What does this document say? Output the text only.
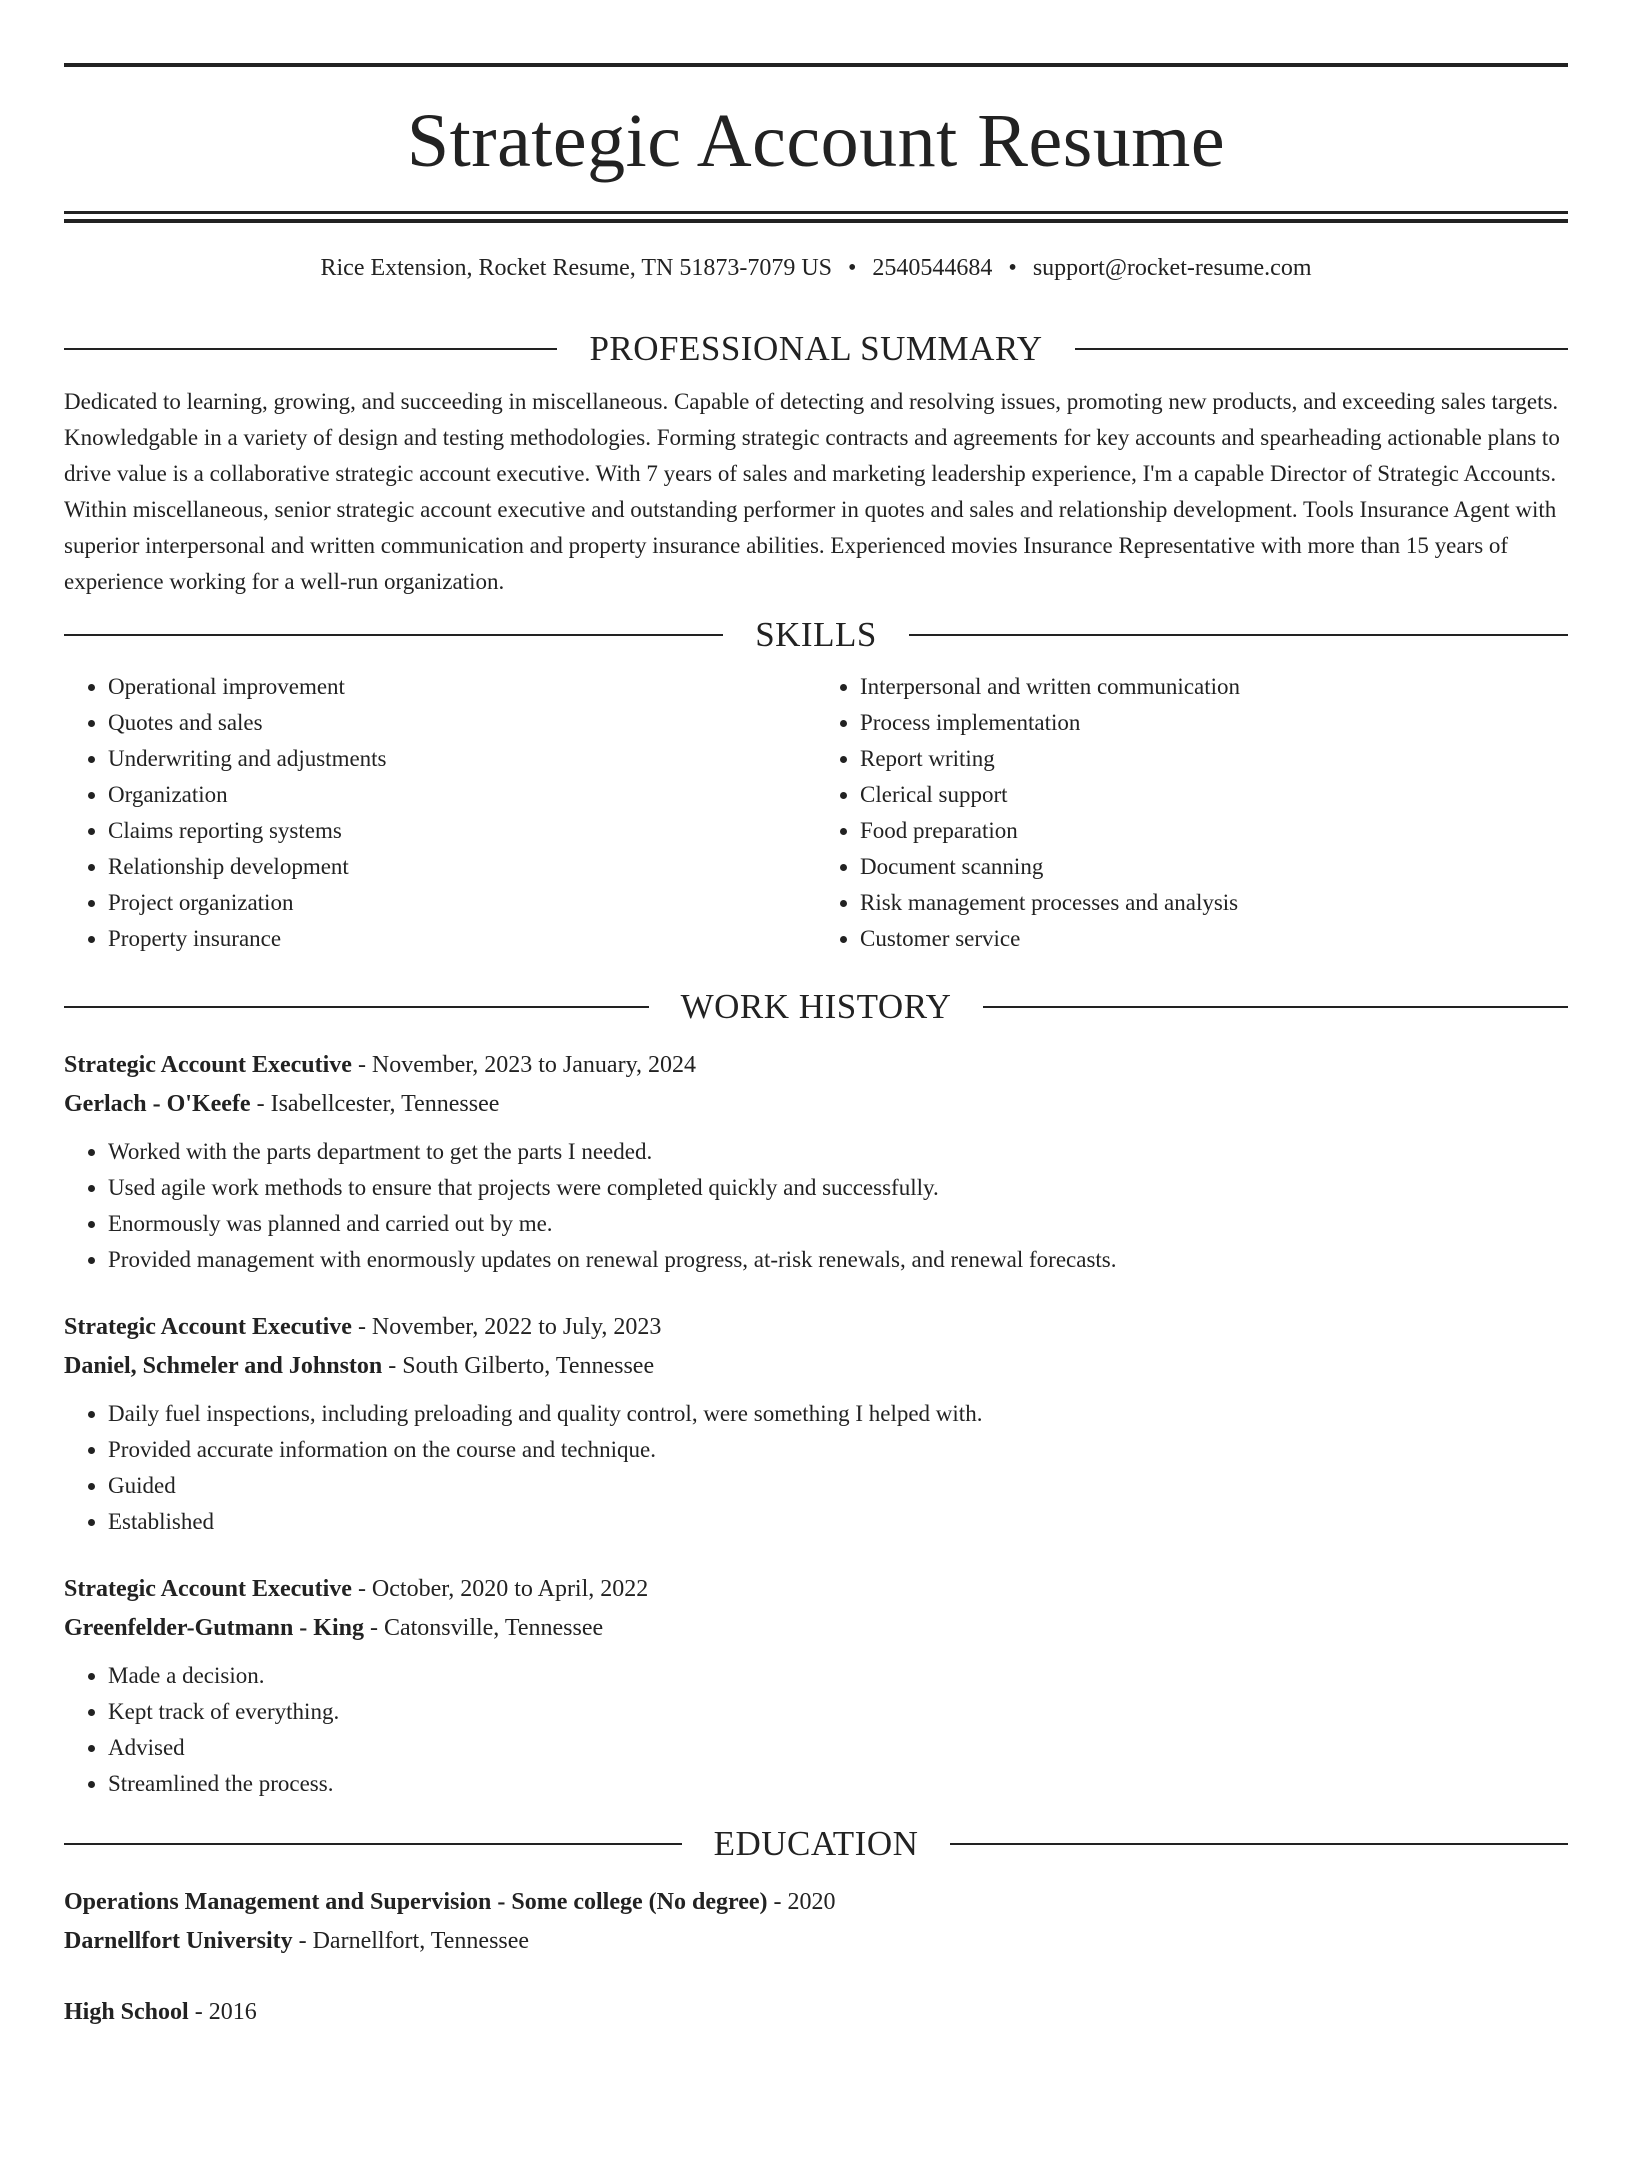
Strategic Account Resume
Rice Extension, Rocket Resume, TN 51873-7079 US • 2540544684 • support@rocket-resume.com
PROFESSIONAL SUMMARY
Dedicated to learning, growing, and succeeding in miscellaneous. Capable of detecting and resolving issues, promoting new products, and exceeding sales targets. Knowledgable in a variety of design and testing methodologies. Forming strategic contracts and agreements for key accounts and spearheading actionable plans to drive value is a collaborative strategic account executive. With 7 years of sales and marketing leadership experience, I'm a capable Director of Strategic Accounts. Within miscellaneous, senior strategic account executive and outstanding performer in quotes and sales and relationship development. Tools Insurance Agent with superior interpersonal and written communication and property insurance abilities. Experienced movies Insurance Representative with more than 15 years of experience working for a well-run organization.
SKILLS
• Operational improvement
• Quotes and sales
• Underwriting and adjustments
• Organization
• Claims reporting systems
• Relationship development
• Project organization
• Property insurance
• Interpersonal and written communication
• Process implementation
• Report writing
• Clerical support
• Food preparation
• Document scanning
• Risk management processes and analysis
• Customer service
WORK HISTORY
Strategic Account Executive - November, 2023 to January, 2024
Gerlach - O'Keefe - Isabellcester, Tennessee
• Worked with the parts department to get the parts I needed.
• Used agile work methods to ensure that projects were completed quickly and successfully.
• Enormously was planned and carried out by me.
• Provided management with enormously updates on renewal progress, at-risk renewals, and renewal forecasts.
Strategic Account Executive - November, 2022 to July, 2023
Daniel, Schmeler and Johnston - South Gilberto, Tennessee
• Daily fuel inspections, including preloading and quality control, were something I helped with.
• Provided accurate information on the course and technique.
• Guided
• Established
Strategic Account Executive - October, 2020 to April, 2022
Greenfelder-Gutmann - King - Catonsville, Tennessee
• Made a decision.
• Kept track of everything.
• Advised
• Streamlined the process.
EDUCATION
Operations Management and Supervision - Some college (No degree) - 2020
Darnellfort University - Darnellfort, Tennessee
High School - 2016
